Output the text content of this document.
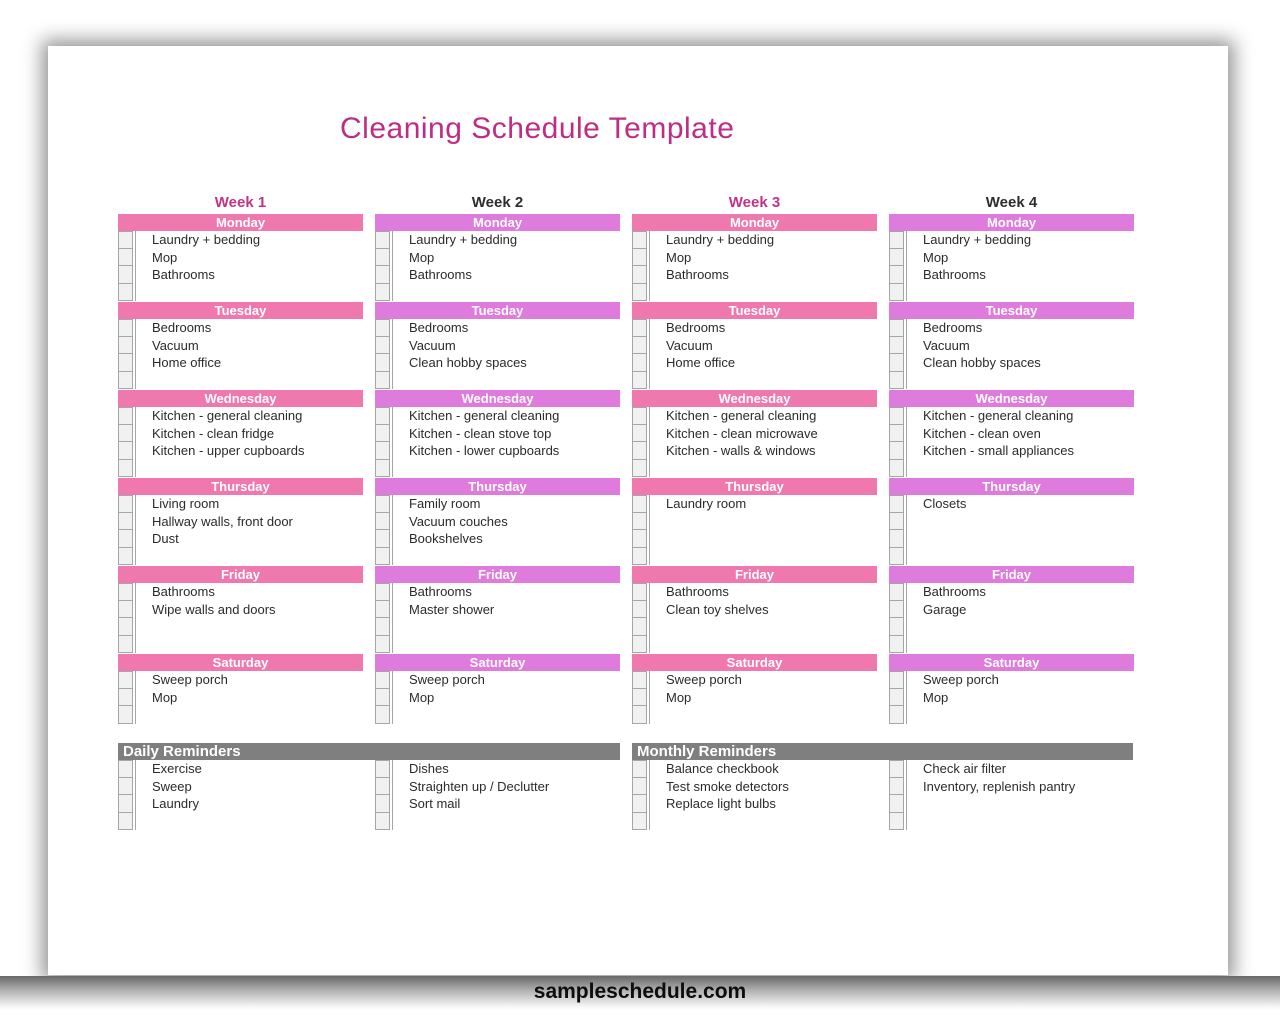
Cleaning Schedule Template
Week 1
Monday
Laundry + bedding
Mop
Bathrooms
Tuesday
Bedrooms
Vacuum
Home office
Wednesday
Kitchen - general cleaning
Kitchen - clean fridge
Kitchen - upper cupboards
Thursday
Living room
Hallway walls, front door
Dust
Friday
Bathrooms
Wipe walls and doors
Saturday
Sweep porch
Mop
Week 2
Monday
Laundry + bedding
Mop
Bathrooms
Tuesday
Bedrooms
Vacuum
Clean hobby spaces
Wednesday
Kitchen - general cleaning
Kitchen - clean stove top
Kitchen - lower cupboards
Thursday
Family room
Vacuum couches
Bookshelves
Friday
Bathrooms
Master shower
Saturday
Sweep porch
Mop
Week 3
Monday
Laundry + bedding
Mop
Bathrooms
Tuesday
Bedrooms
Vacuum
Home office
Wednesday
Kitchen - general cleaning
Kitchen - clean microwave
Kitchen - walls & windows
Thursday
Laundry room
Friday
Bathrooms
Clean toy shelves
Saturday
Sweep porch
Mop
Week 4
Monday
Laundry + bedding
Mop
Bathrooms
Tuesday
Bedrooms
Vacuum
Clean hobby spaces
Wednesday
Kitchen - general cleaning
Kitchen - clean oven
Kitchen - small appliances
Thursday
Closets
Friday
Bathrooms
Garage
Saturday
Sweep porch
Mop
Daily Reminders
Exercise
Sweep
Laundry
Dishes
Straighten up / Declutter
Sort mail
Monthly Reminders
Balance checkbook
Test smoke detectors
Replace light bulbs
Check air filter
Inventory, replenish pantry
sampleschedule.com
